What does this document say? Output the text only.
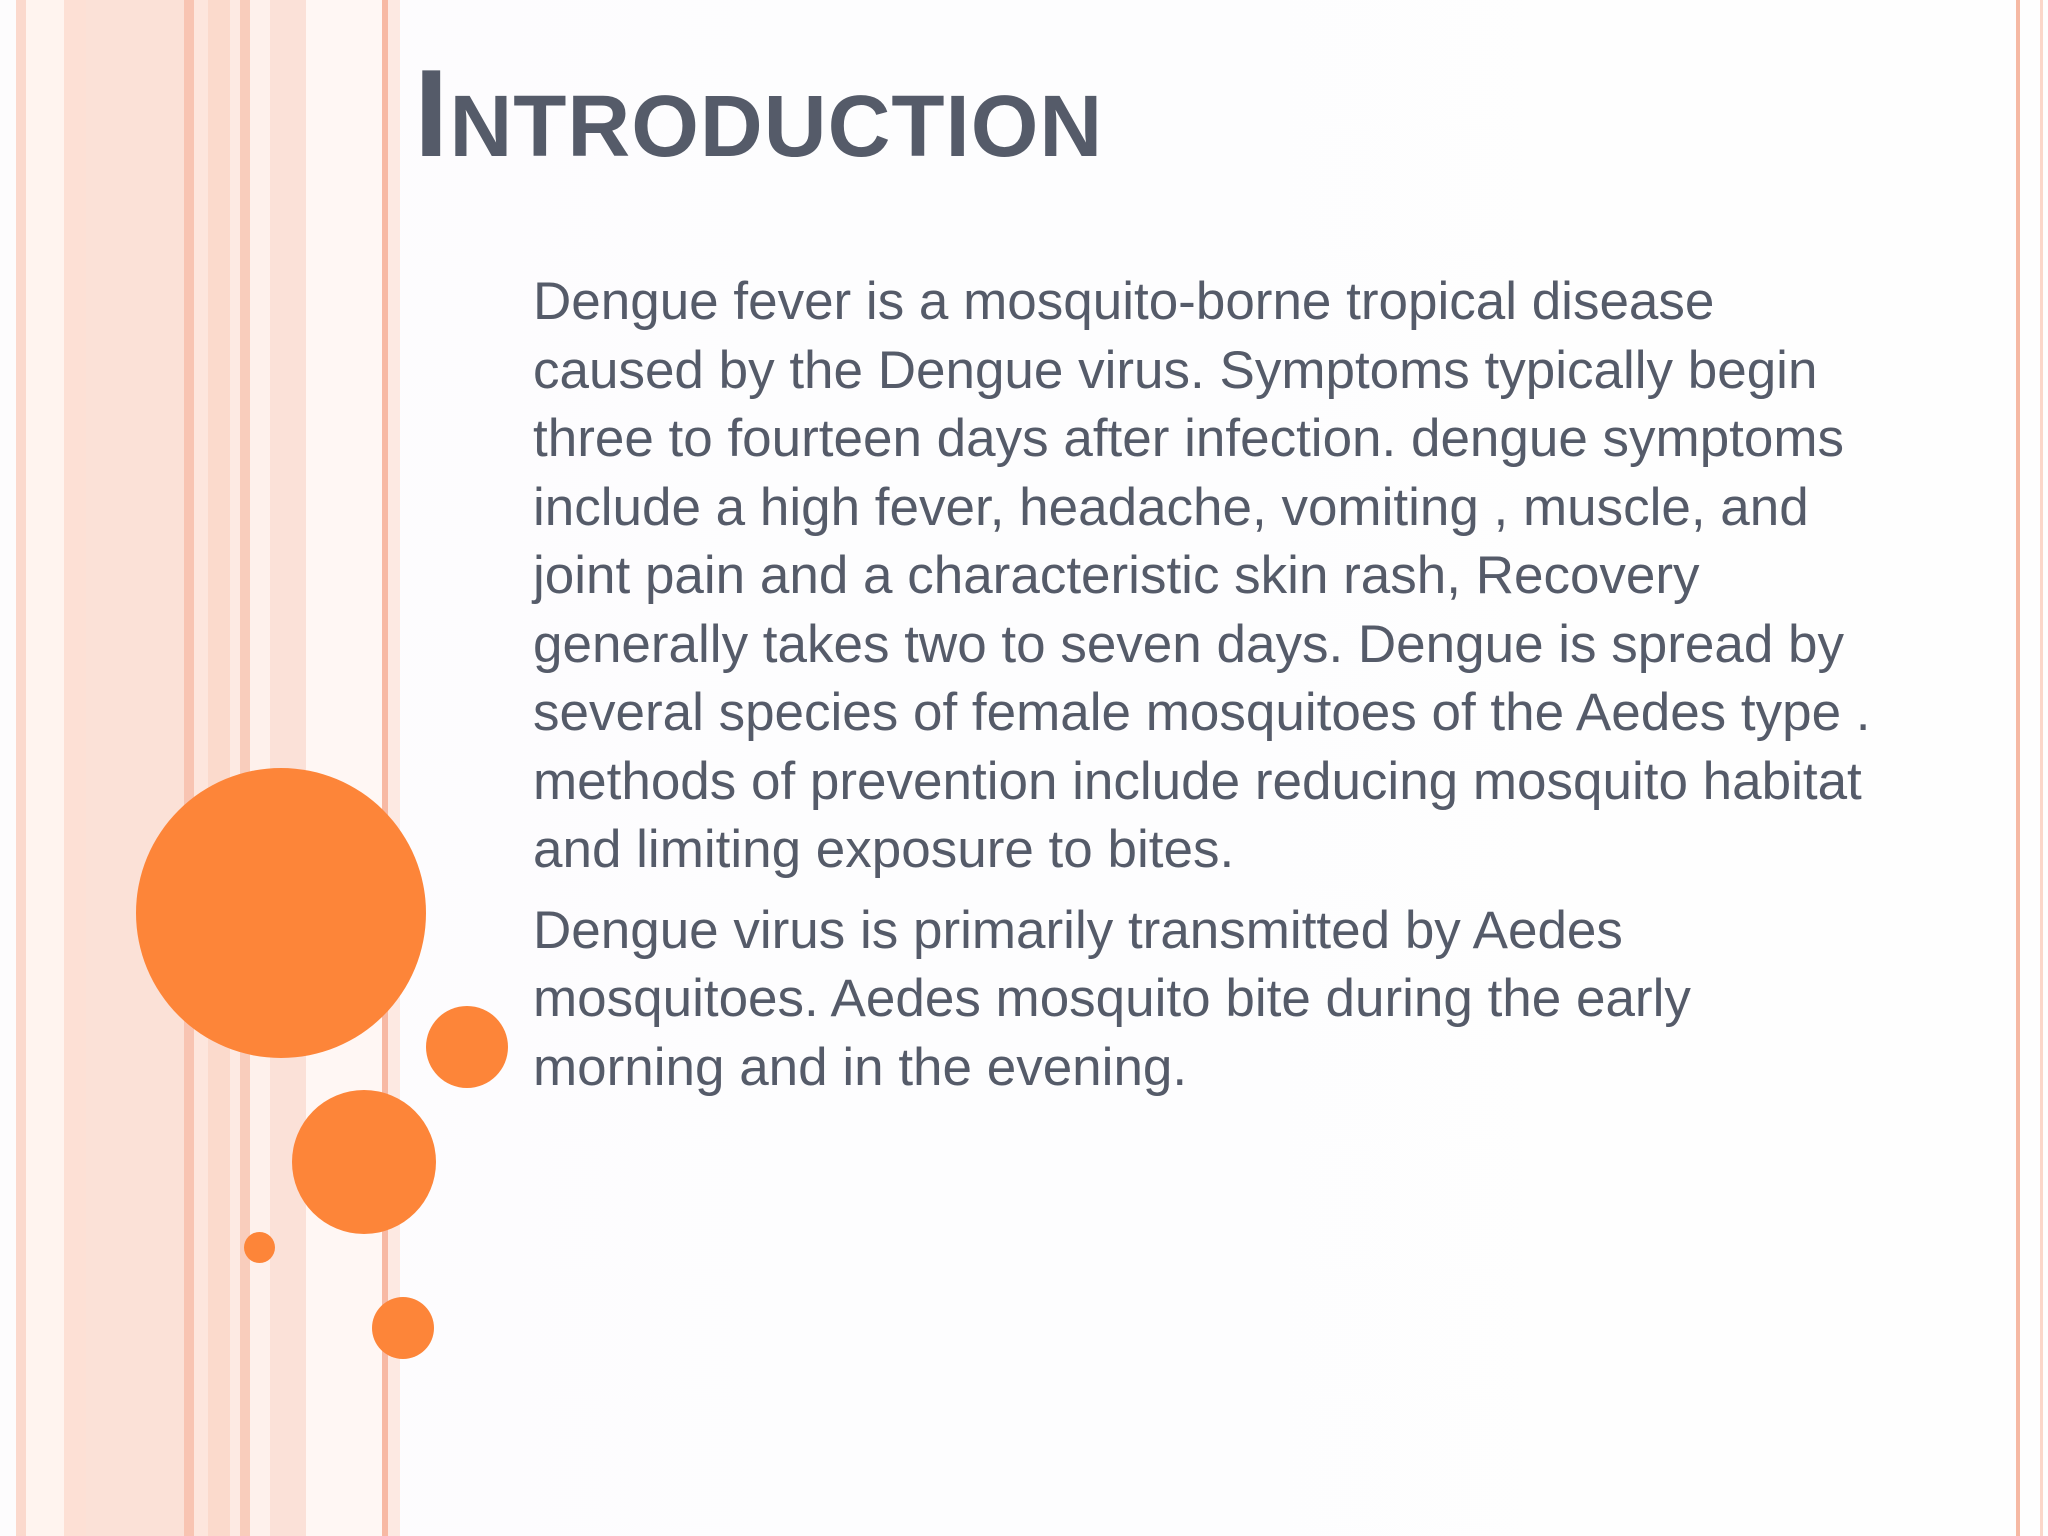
Introduction

Dengue fever is a mosquito-borne tropical disease caused by the Dengue virus. Symptoms typically begin three to fourteen days after infection. dengue symptoms include a high fever, headache, vomiting , muscle, and joint pain and a characteristic skin rash, Recovery generally takes two to seven days. Dengue is spread by several species of female mosquitoes of the Aedes type . methods of prevention include reducing mosquito habitat and limiting exposure to bites.

Dengue virus is primarily transmitted by Aedes mosquitoes. Aedes mosquito bite during the early morning and in the evening.
